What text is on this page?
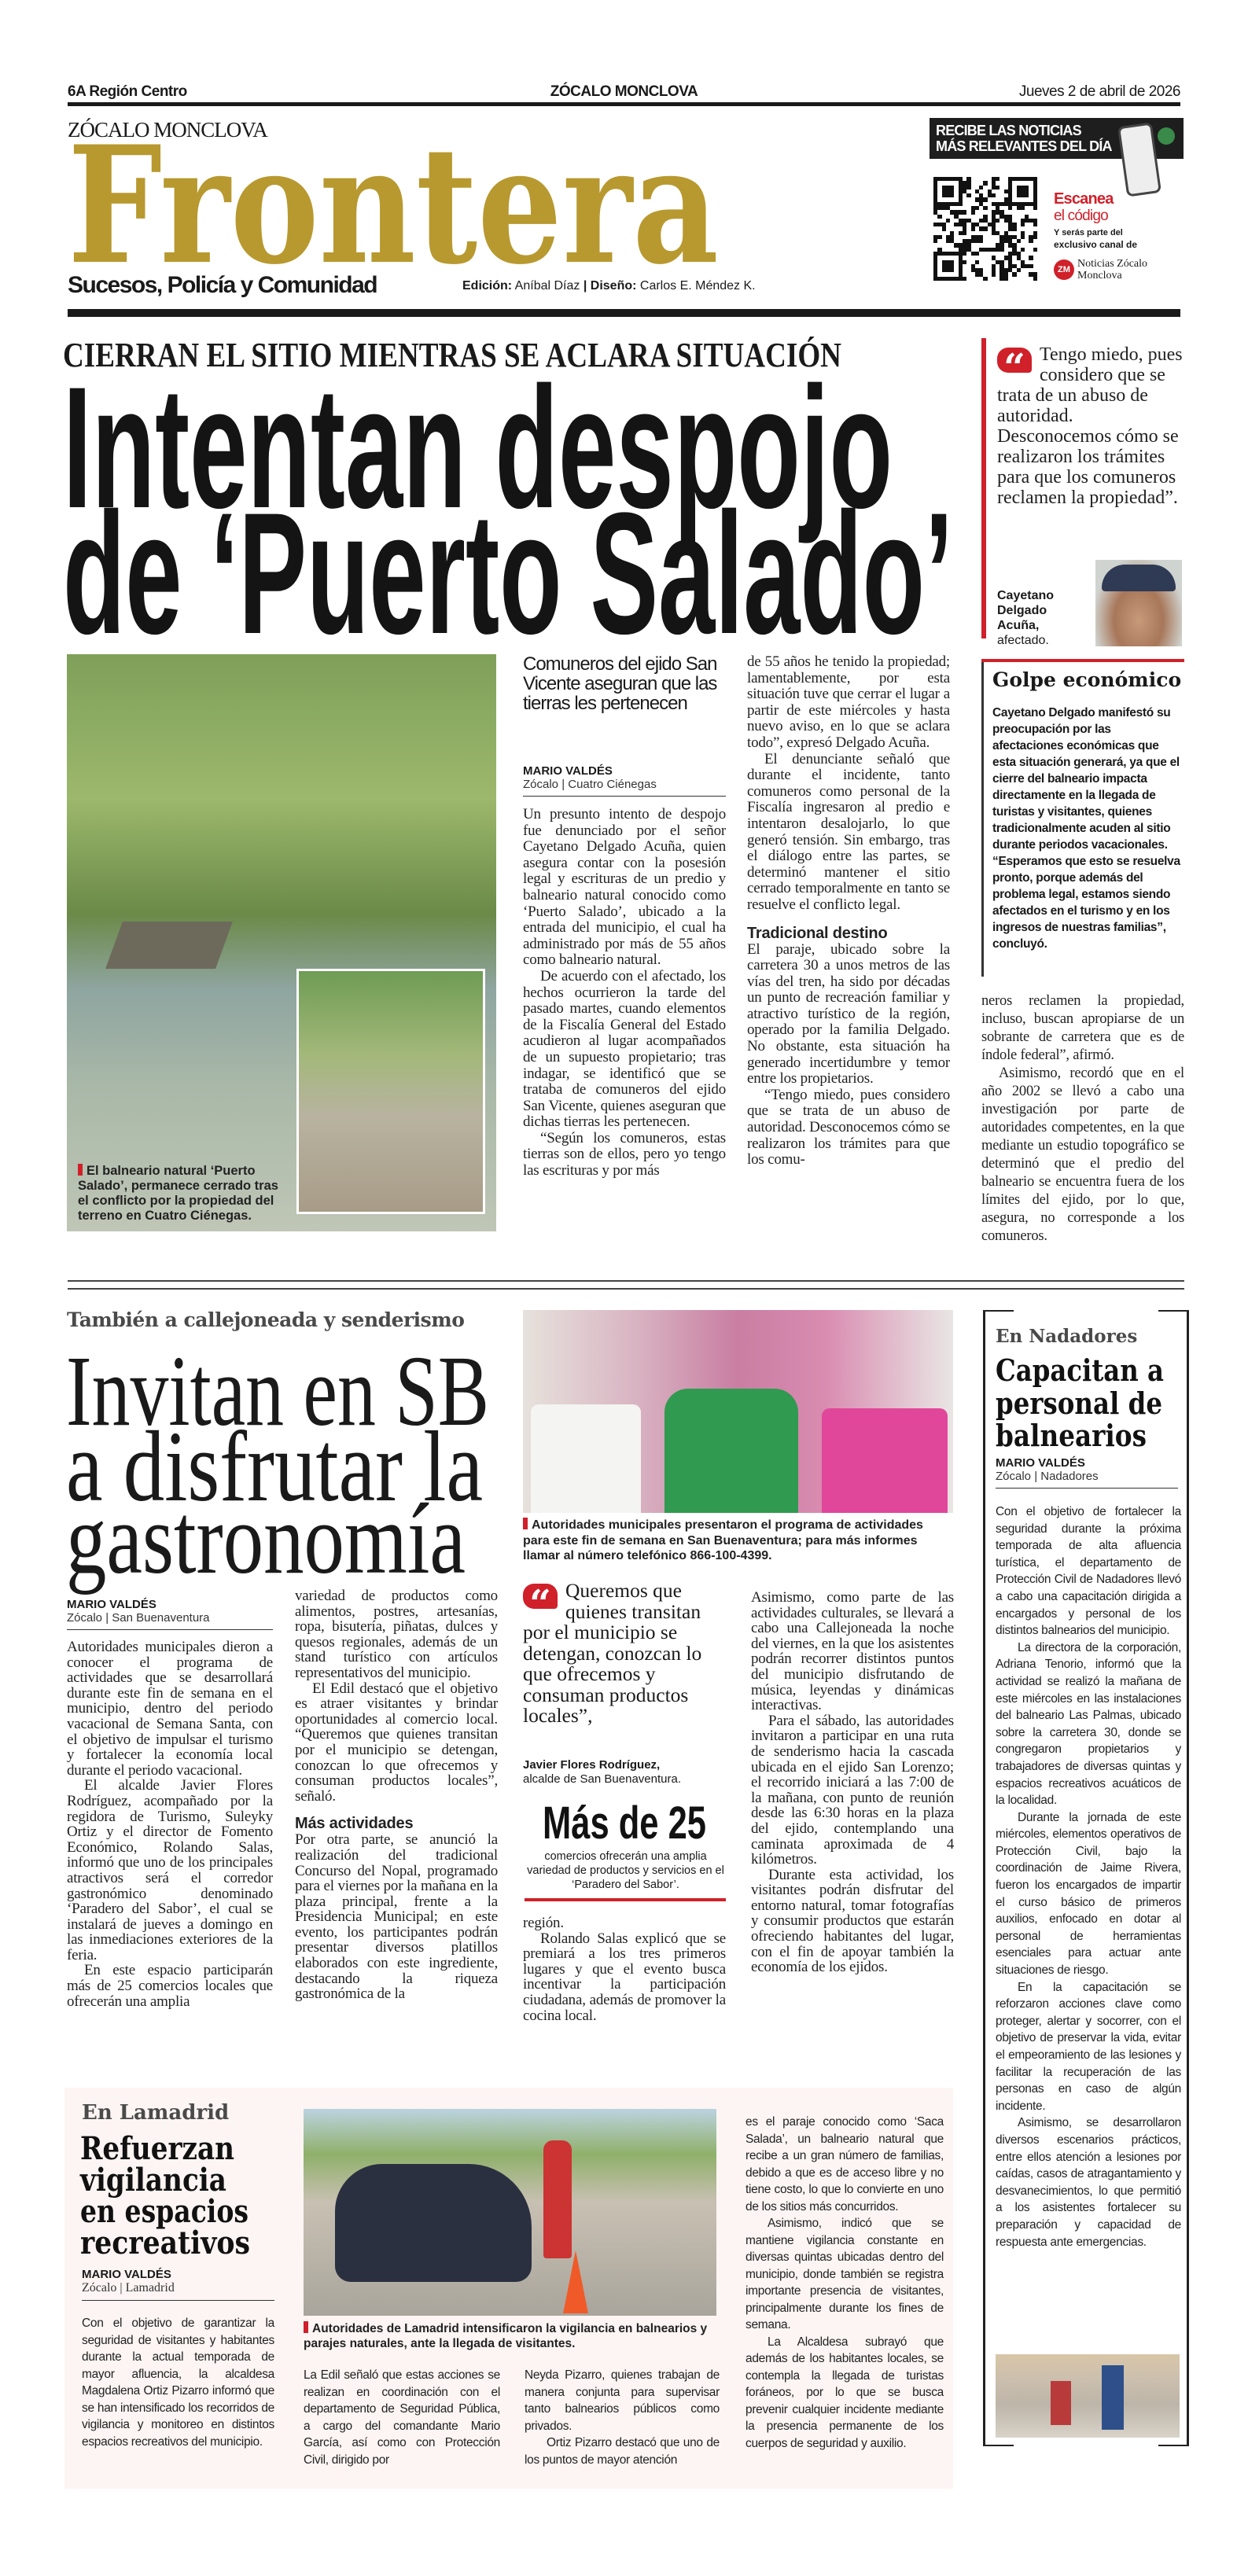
6A Región Centro	ZÓCALO MONCLOVA	Jueves 2 de abril de 2026
ZÓCALO MONCLOVA
Frontera
Sucesos, Policía y Comunidad	Edición: Aníbal Díaz | Diseño: Carlos E. Méndez K.
RECIBE LAS NOTICIAS
MÁS RELEVANTES DEL DÍA
Escanea
el código
Y serás parte del
exclusivo canal de
ZM Noticias Zócalo
Monclova
CIERRAN EL SITIO MIENTRAS SE ACLARA SITUACIÓN
Intentan despojo
de ‘Puerto Salado’
El balneario natural ‘Puerto Salado’, permanece cerrado tras el conflicto por la propiedad del terreno en Cuatro Ciénegas.
Comuneros del ejido San Vicente aseguran que las tierras les pertenecen
MARIO VALDÉS
Zócalo | Cuatro Ciénegas

Un presunto intento de despojo fue denunciado por el señor Cayetano Delgado Acuña, quien asegura contar con la posesión legal y escrituras de un predio y balneario natural conocido como ‘Puerto Salado’, ubicado a la entrada del municipio, el cual ha administrado por más de 55 años como balneario natural.

De acuerdo con el afectado, los hechos ocurrieron la tarde del pasado martes, cuando elementos de la Fiscalía General del Estado acudieron al lugar acompañados de un supuesto propietario; tras indagar, se identificó que se trataba de comuneros del ejido San Vicente, quienes aseguran que dichas tierras les pertenecen.

“Según los comuneros, estas tierras son de ellos, pero yo tengo las escrituras y por más

de 55 años he tenido la propiedad; lamentablemente, por esta situación tuve que cerrar el lugar a partir de este miércoles y hasta nuevo aviso, en lo que se aclara todo”, expresó Delgado Acuña.

El denunciante señaló que durante el incidente, tanto comuneros como personal de la Fiscalía ingresaron al predio e intentaron desalojarlo, lo que generó tensión. Sin embargo, tras el diálogo entre las partes, se determinó mantener el sitio cerrado temporalmente en tanto se resuelve el conflicto legal.

Tradicional destino

El paraje, ubicado sobre la carretera 30 a unos metros de las vías del tren, ha sido por décadas un punto de recreación familiar y atractivo turístico de la región, operado por la familia Delgado. No obstante, esta situación ha generado incertidumbre y temor entre los propietarios.

“Tengo miedo, pues considero que se trata de un abuso de autoridad. Desconocemos cómo se realizaron los trámites para que los comu-

“ Tengo miedo, pues considero que se trata de un abuso de autoridad. Desconocemos cómo se realizaron los trámites para que los comuneros reclamen la propiedad”.
Cayetano Delgado Acuña,
afectado.
Golpe económico
Cayetano Delgado manifestó su preocupación por las afectaciones económicas que esta situación generará, ya que el cierre del balneario impacta directamente en la llegada de turistas y visitantes, quienes tradicionalmente acuden al sitio durante periodos vacacionales. “Esperamos que esto se resuelva pronto, porque además del problema legal, estamos siendo afectados en el turismo y en los ingresos de nuestras familias”, concluyó.

neros reclamen la propiedad, incluso, buscan apropiarse de un sobrante de carretera que es de índole federal”, afirmó.

Asimismo, recordó que en el año 2002 se llevó a cabo una investigación por parte de autoridades competentes, en la que mediante un estudio topográfico se determinó que el predio del balneario se encuentra fuera de los límites del ejido, por lo que, asegura, no corresponde a los comuneros.

También a callejoneada y senderismo
Invitan en SB
a disfrutar la
gastronomía
MARIO VALDÉS
Zócalo | San Buenaventura

Autoridades municipales dieron a conocer el programa de actividades que se desarrollará durante este fin de semana en el municipio, dentro del periodo vacacional de Semana Santa, con el objetivo de impulsar el turismo y fortalecer la economía local durante el periodo vacacional.

El alcalde Javier Flores Rodríguez, acompañado por la regidora de Turismo, Suleyky Ortiz y el director de Fomento Económico, Rolando Salas, informó que uno de los principales atractivos será el corredor gastronómico denominado ‘Paradero del Sabor’, el cual se instalará de jueves a domingo en las inmediaciones exteriores de la feria.

En este espacio participarán más de 25 comercios locales que ofrecerán una amplia

variedad de productos como alimentos, postres, artesanías, ropa, bisutería, piñatas, dulces y quesos regionales, además de un stand turístico con artículos representativos del municipio.

El Edil destacó que el objetivo es atraer visitantes y brindar oportunidades al comercio local. “Queremos que quienes transitan por el municipio se detengan, conozcan lo que ofrecemos y consuman productos locales”, señaló.

Más actividades

Por otra parte, se anunció la realización del tradicional Concurso del Nopal, programado para el viernes por la mañana en la plaza principal, frente a la Presidencia Municipal; en este evento, los participantes podrán presentar diversos platillos elaborados con este ingrediente, destacando la riqueza gastronómica de la

Autoridades municipales presentaron el programa de actividades para este fin de semana en San Buenaventura; para más informes llamar al número telefónico 866-100-4399.
“ Queremos que quienes transitan por el municipio se detengan, conozcan lo que ofrecemos y consuman productos locales”,
Javier Flores Rodríguez,
alcalde de San Buenaventura.
Más de 25
comercios ofrecerán una amplia variedad de productos y servicios en el ‘Paradero del Sabor’.

región.

Rolando Salas explicó que se premiará a los tres primeros lugares y que el evento busca incentivar la participación ciudadana, además de promover la cocina local.

Asimismo, como parte de las actividades culturales, se llevará a cabo una Callejoneada la noche del viernes, en la que los asistentes podrán recorrer distintos puntos del municipio disfrutando de música, leyendas y dinámicas interactivas.

Para el sábado, las autoridades invitaron a participar en una ruta de senderismo hacia la cascada ubicada en el ejido San Lorenzo; el recorrido iniciará a las 7:00 de la mañana, con punto de reunión desde las 6:30 horas en la plaza del ejido, contemplando una caminata aproximada de 4 kilómetros.

Durante esta actividad, los visitantes podrán disfrutar del entorno natural, tomar fotografías y consumir productos que estarán ofreciendo habitantes del lugar, con el fin de apoyar también la economía de los ejidos.

En Nadadores
Capacitan a
personal de
balnearios
MARIO VALDÉS
Zócalo | Nadadores

Con el objetivo de fortalecer la seguridad durante la próxima temporada de alta afluencia turística, el departamento de Protección Civil de Nadadores llevó a cabo una capacitación dirigida a encargados y personal de los distintos balnearios del municipio.

La directora de la corporación, Adriana Tenorio, informó que la actividad se realizó la mañana de este miércoles en las instalaciones del balneario Las Palmas, ubicado sobre la carretera 30, donde se congregaron propietarios y trabajadores de diversas quintas y espacios recreativos acuáticos de la localidad.

Durante la jornada de este miércoles, elementos operativos de Protección Civil, bajo la coordinación de Jaime Rivera, fueron los encargados de impartir el curso básico de primeros auxilios, enfocado en dotar al personal de herramientas esenciales para actuar ante situaciones de riesgo.

En la capacitación se reforzaron acciones clave como proteger, alertar y socorrer, con el objetivo de preservar la vida, evitar el empeoramiento de las lesiones y facilitar la recuperación de las personas en caso de algún incidente.

Asimismo, se desarrollaron diversos escenarios prácticos, entre ellos atención a lesiones por caídas, casos de atragantamiento y desvanecimientos, lo que permitió a los asistentes fortalecer su preparación y capacidad de respuesta ante emergencias.

En Lamadrid
Refuerzan
vigilancia
en espacios
recreativos
MARIO VALDÉS
Zócalo | Lamadrid

Con el objetivo de garantizar la seguridad de visitantes y habitantes durante la actual temporada de mayor afluencia, la alcaldesa Magdalena Ortiz Pizarro informó que se han intensificado los recorridos de vigilancia y monitoreo en distintos espacios recreativos del municipio.

Autoridades de Lamadrid intensificaron la vigilancia en balnearios y parajes naturales, ante la llegada de visitantes.

La Edil señaló que estas acciones se realizan en coordinación con el departamento de Seguridad Pública, a cargo del comandante Mario García, así como con Protección Civil, dirigido por

Neyda Pizarro, quienes trabajan de manera conjunta para supervisar tanto balnearios públicos como privados.

Ortiz Pizarro destacó que uno de los puntos de mayor atención

es el paraje conocido como ‘Saca Salada’, un balneario natural que recibe a un gran número de familias, debido a que es de acceso libre y no tiene costo, lo que lo convierte en uno de los sitios más concurridos.

Asimismo, indicó que se mantiene vigilancia constante en diversas quintas ubicadas dentro del municipio, donde también se registra importante presencia de visitantes, principalmente durante los fines de semana.

La Alcaldesa subrayó que además de los habitantes locales, se contempla la llegada de turistas foráneos, por lo que se busca prevenir cualquier incidente mediante la presencia permanente de los cuerpos de seguridad y auxilio.
